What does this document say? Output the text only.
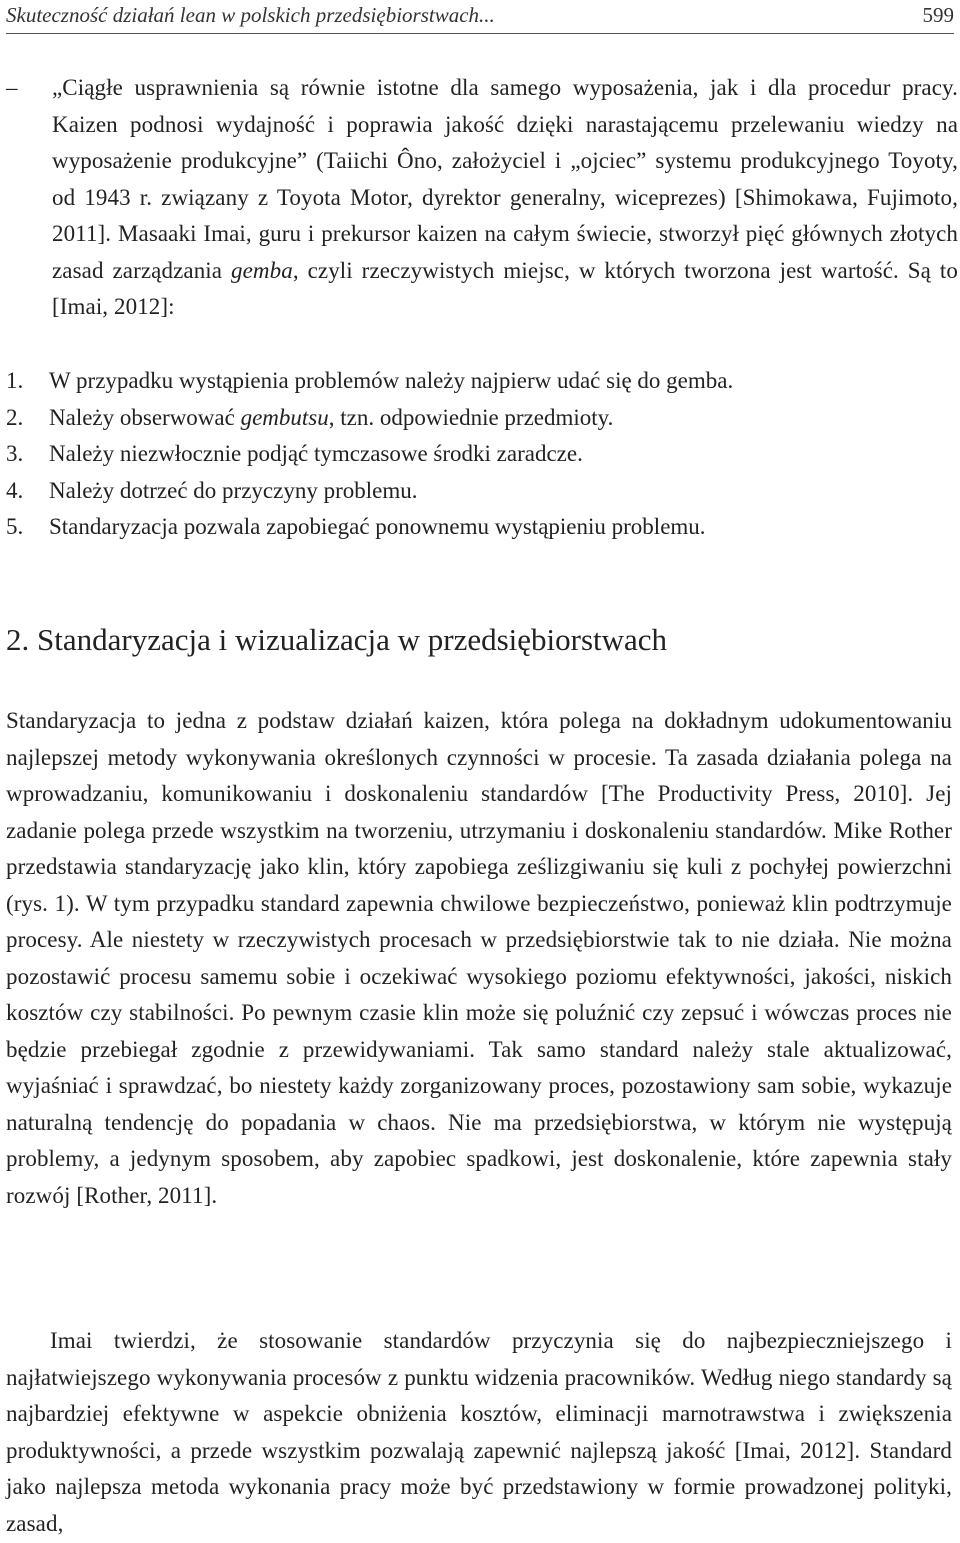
Skuteczność działań lean w polskich przedsiębiorstwach...	599
– „Ciągłe usprawnienia są równie istotne dla samego wyposażenia, jak i dla procedur pracy. Kaizen podnosi wydajność i poprawia jakość dzięki narastającemu przelewaniu wiedzy na wyposażenie produkcyjne” (Taiichi Ôno, założyciel i „ojciec” systemu produkcyjnego Toyoty, od 1943 r. związany z Toyota Motor, dyrektor generalny, wiceprezes) [Shimokawa, Fujimoto, 2011]. Masaaki Imai, guru i prekursor kaizen na całym świecie, stworzył pięć głównych złotych zasad zarządzania gemba, czyli rzeczywistych miejsc, w których tworzona jest wartość. Są to [Imai, 2012]:

1.	W przypadku wystąpienia problemów należy najpierw udać się do gemba.
2.	Należy obserwować gembutsu, tzn. odpowiednie przedmioty.
3.	Należy niezwłocznie podjąć tymczasowe środki zaradcze.
4.	Należy dotrzeć do przyczyny problemu.
5.	Standaryzacja pozwala zapobiegać ponownemu wystąpieniu problemu.
2. Standaryzacja i wizualizacja w przedsiębiorstwach

Standaryzacja to jedna z podstaw działań kaizen, która polega na dokładnym udokumentowaniu najlepszej metody wykonywania określonych czynności w procesie. Ta zasada działania polega na wprowadzaniu, komunikowaniu i doskonaleniu standardów [The Productivity Press, 2010]. Jej zadanie polega przede wszystkim na tworzeniu, utrzymaniu i doskonaleniu standardów. Mike Rother przedstawia standaryzację jako klin, który zapobiega ześlizgiwaniu się kuli z pochyłej powierzchni (rys. 1). W tym przypadku standard zapewnia chwilowe bezpieczeństwo, ponieważ klin podtrzymuje procesy. Ale niestety w rzeczywistych procesach w przedsiębiorstwie tak to nie działa. Nie można pozostawić procesu samemu sobie i oczekiwać wysokiego poziomu efektywności, jakości, niskich kosztów czy stabilności. Po pewnym czasie klin może się poluźnić czy zepsuć i wówczas proces nie będzie przebiegał zgodnie z przewidywaniami. Tak samo standard należy stale aktualizować, wyjaśniać i sprawdzać, bo niestety każdy zorganizowany proces, pozostawiony sam sobie, wykazuje naturalną tendencję do popadania w chaos. Nie ma przedsiębiorstwa, w którym nie występują problemy, a jedynym sposobem, aby zapobiec spadkowi, jest doskonalenie, które zapewnia stały rozwój [Rother, 2011].

Imai twierdzi, że stosowanie standardów przyczynia się do najbezpieczniejszego i najłatwiejszego wykonywania procesów z punktu widzenia pracowników. Według niego standardy są najbardziej efektywne w aspekcie obniżenia kosztów, eliminacji marnotrawstwa i zwiększenia produktywności, a przede wszystkim pozwalają zapewnić najlepszą jakość [Imai, 2012]. Standard jako najlepsza metoda wykonania pracy może być przedstawiony w formie prowadzonej polityki, zasad,
